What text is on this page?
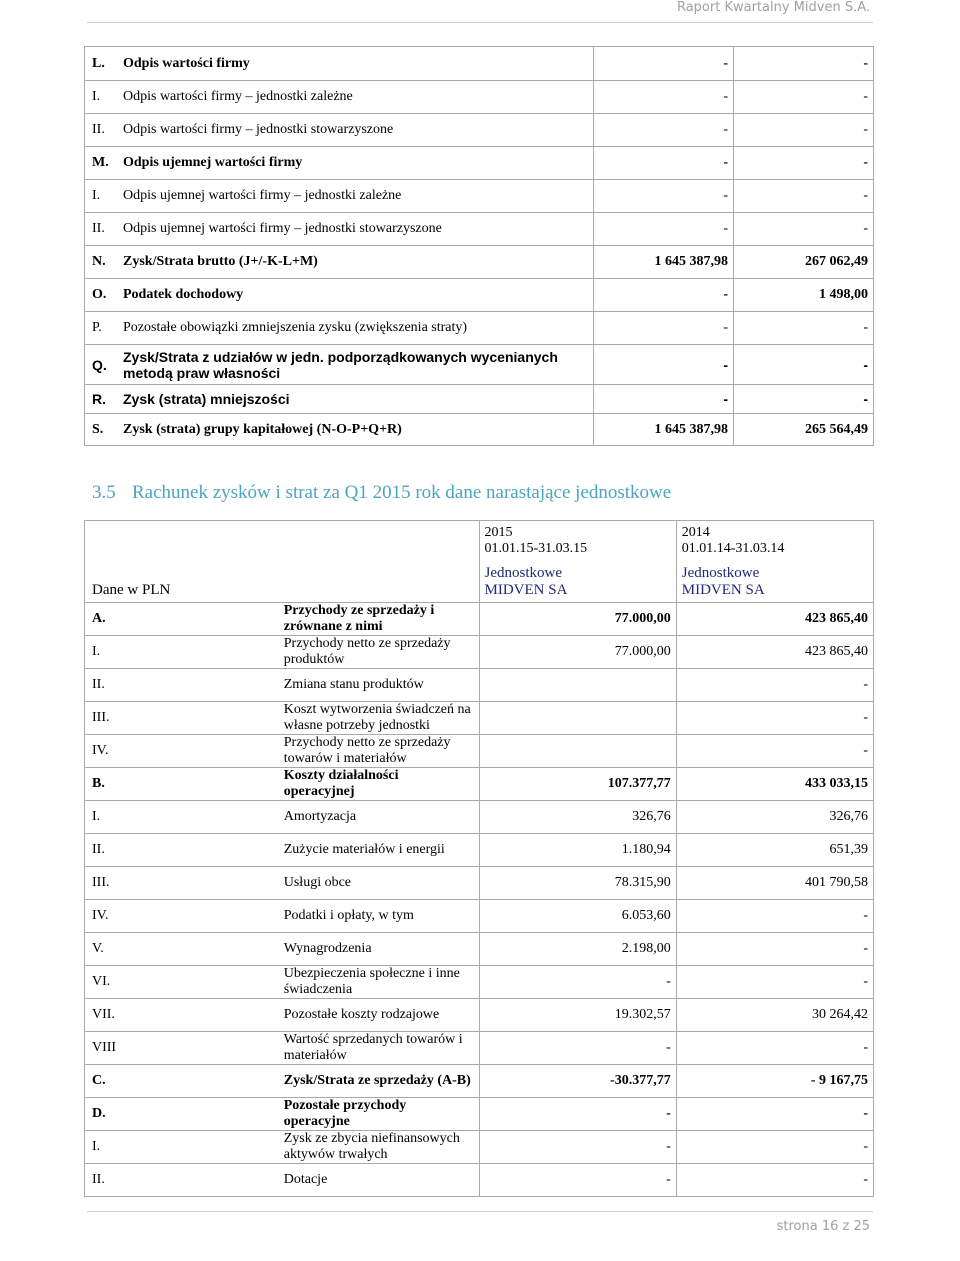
Raport Kwartalny Midven S.A.
L.	Odpis wartości firmy	-	-
I.	Odpis wartości firmy – jednostki zależne	-	-
II.	Odpis wartości firmy – jednostki stowarzyszone	-	-
M.	Odpis ujemnej wartości firmy	-	-
I.	Odpis ujemnej wartości firmy – jednostki zależne	-	-
II.	Odpis ujemnej wartości firmy – jednostki stowarzyszone	-	-
N.	Zysk/Strata brutto (J+/-K-L+M)	1 645 387,98	267 062,49
O.	Podatek dochodowy	-	1 498,00
P.	Pozostałe obowiązki zmniejszenia zysku (zwiększenia straty)	-	-
Q.	Zysk/Strata z udziałów w jedn. podporządkowanych wycenianych metodą praw własności	-	-
R.	Zysk (strata) mniejszości	-	-
S.	Zysk (strata) grupy kapitałowej (N-O-P+Q+R)	1 645 387,98	265 564,49
3.5 Rachunek zysków i strat za Q1 2015 rok dane narastające jednostkowe
Dane w PLN		2015
01.01.15-31.03.15
Jednostkowe
MIDVEN SA	2014
01.01.14-31.03.14
Jednostkowe
MIDVEN SA

A.	Przychody ze sprzedaży i zrównane z nimi	77.000,00	423 865,40
I.	Przychody netto ze sprzedaży produktów	77.000,00	423 865,40
II.	Zmiana stanu produktów		-
III.	Koszt wytworzenia świadczeń na własne potrzeby jednostki		-
IV.	Przychody netto ze sprzedaży towarów i materiałów		-
B.	Koszty działalności operacyjnej	107.377,77	433 033,15
I.	Amortyzacja	326,76	326,76
II.	Zużycie materiałów i energii	1.180,94	651,39
III.	Usługi obce	78.315,90	401 790,58
IV.	Podatki i opłaty, w tym	6.053,60	-
V.	Wynagrodzenia	2.198,00	-
VI.	Ubezpieczenia społeczne i inne świadczenia	-	-
VII.	Pozostałe koszty rodzajowe	19.302,57	30 264,42
VIII	Wartość sprzedanych towarów i materiałów	-	-
C.	Zysk/Strata ze sprzedaży (A-B)	-30.377,77	- 9 167,75
D.	Pozostałe przychody operacyjne	-	-
I.	Zysk ze zbycia niefinansowych aktywów trwałych	-	-
II.	Dotacje	-	-
strona 16 z 25
